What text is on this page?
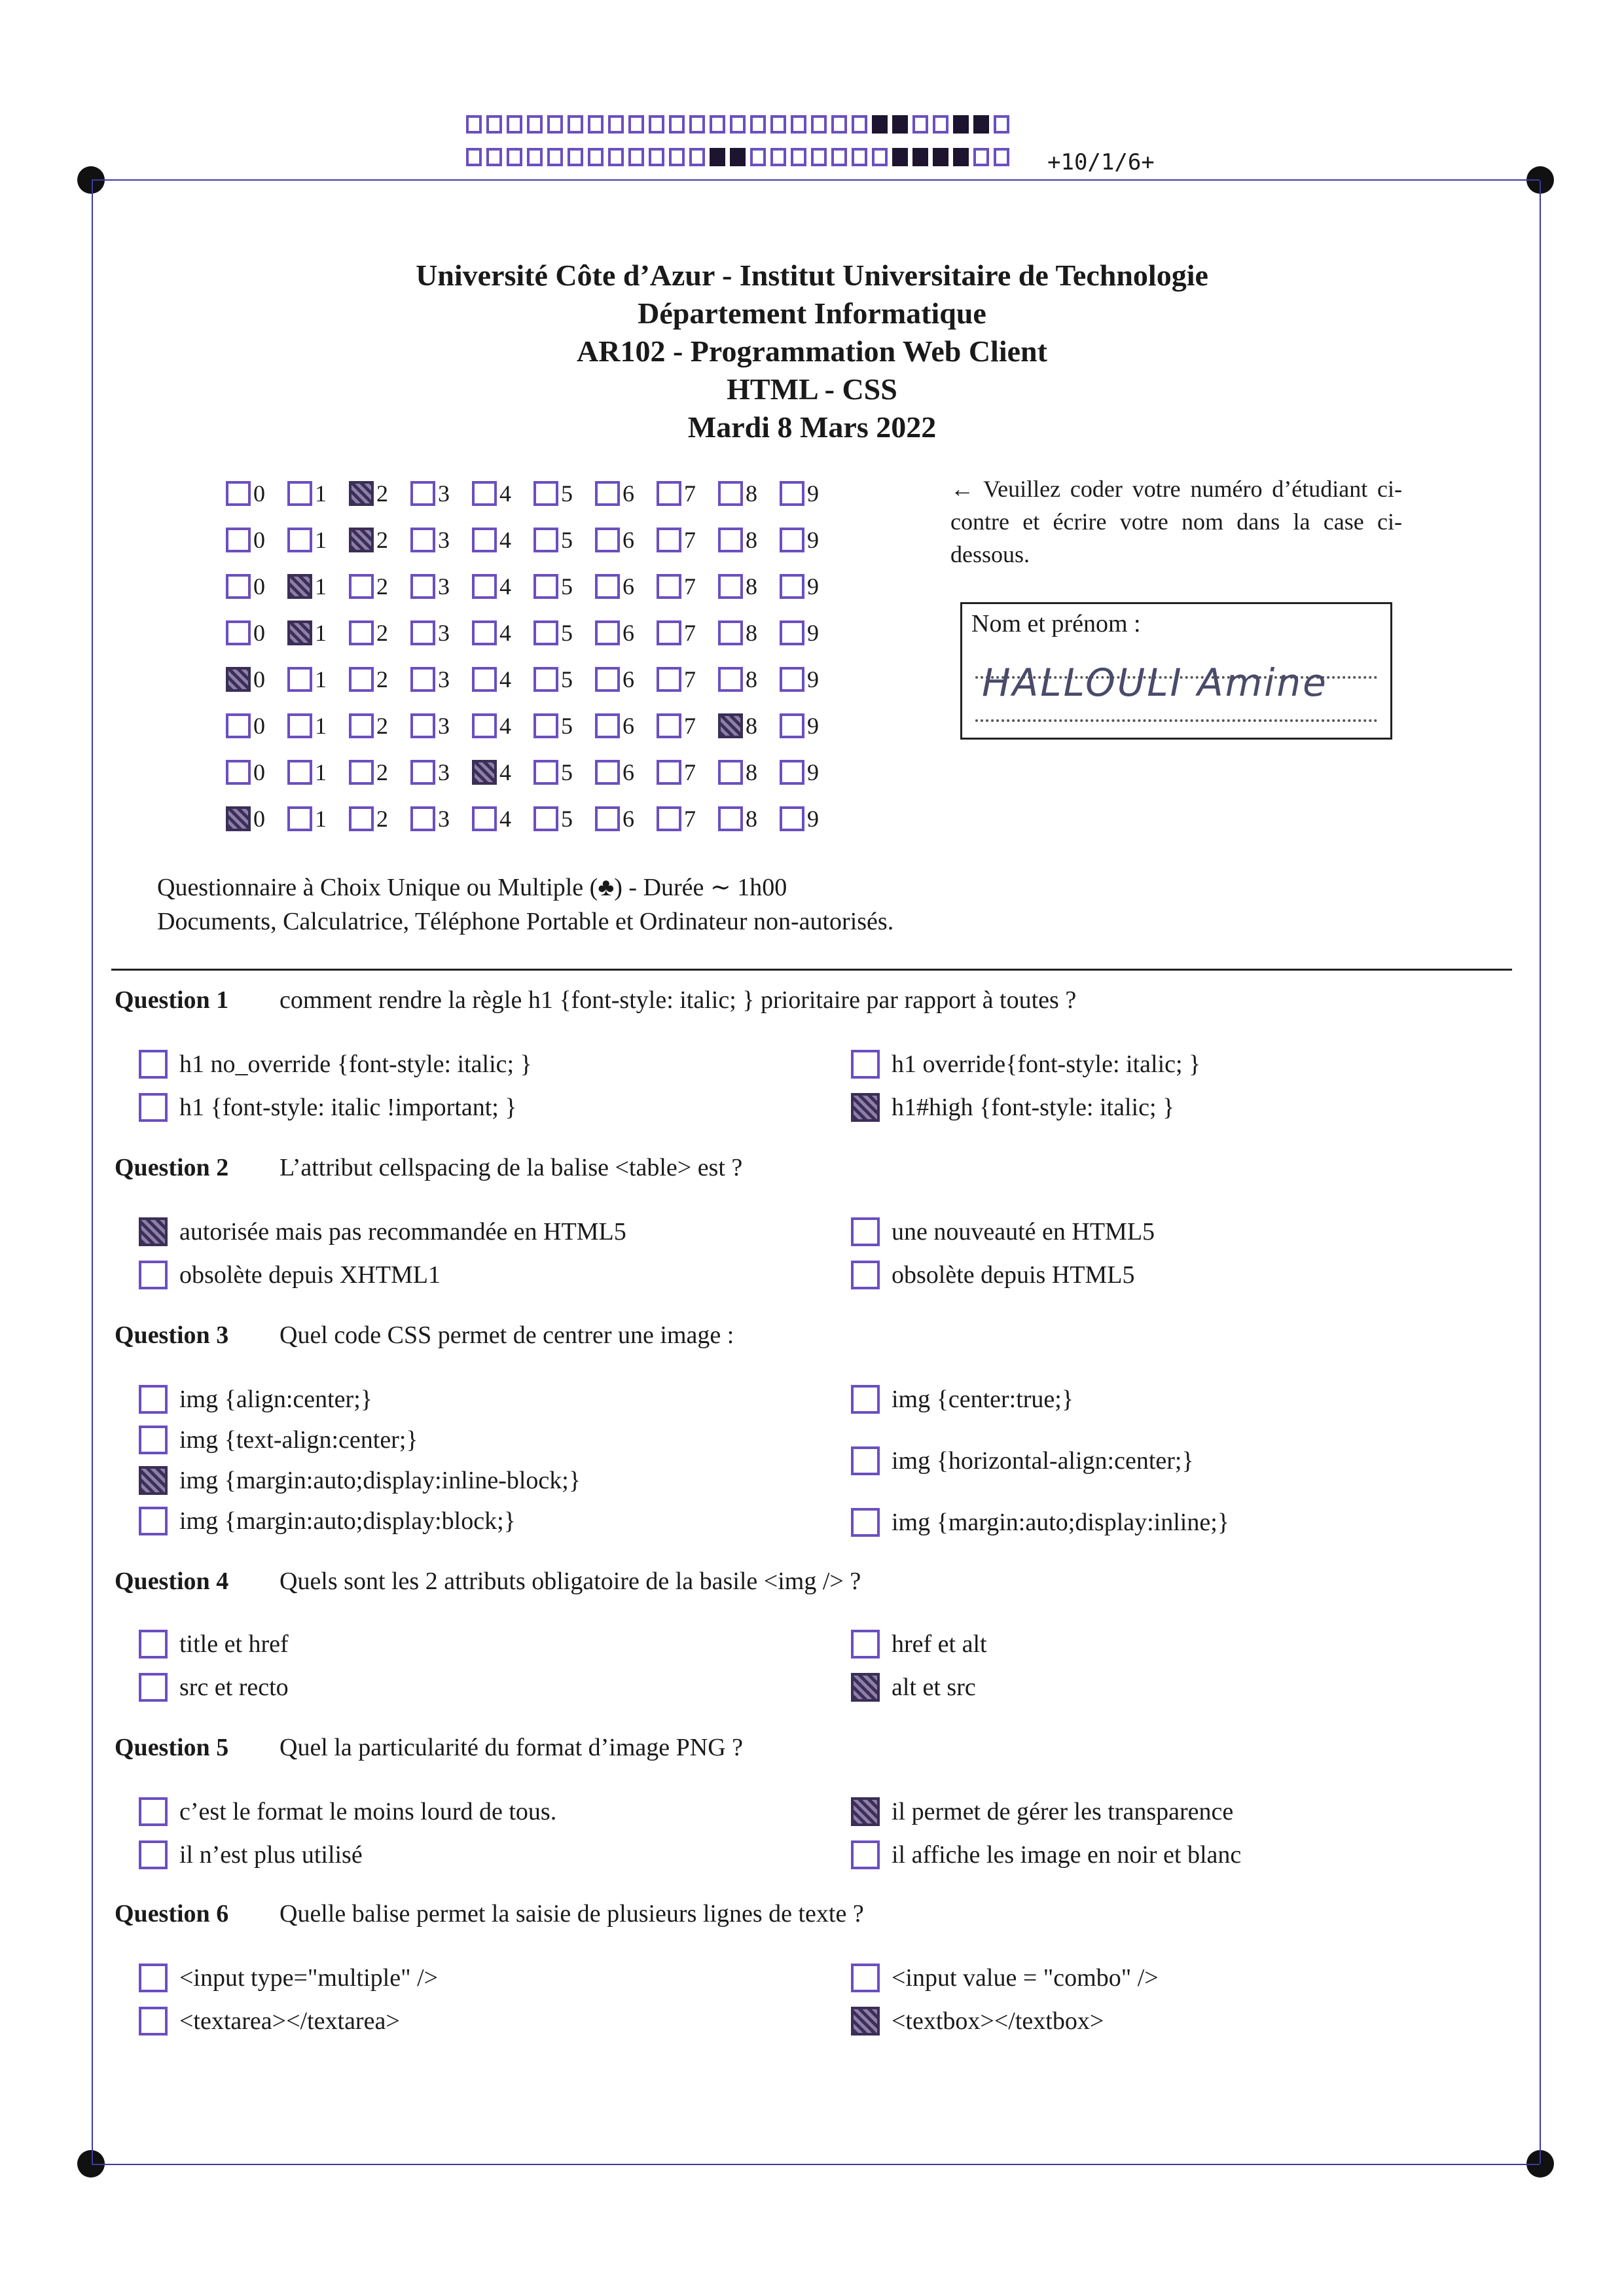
+10/1/6+
Université Côte d’Azur - Institut Universitaire de Technologie
Département Informatique
AR102 - Programmation Web Client
HTML - CSS
Mardi 8 Mars 2022
0 1 2 3 4 5 6 7 8 9
0 1 2 3 4 5 6 7 8 9
0 1 2 3 4 5 6 7 8 9
0 1 2 3 4 5 6 7 8 9
0 1 2 3 4 5 6 7 8 9
0 1 2 3 4 5 6 7 8 9
0 1 2 3 4 5 6 7 8 9
0 1 2 3 4 5 6 7 8 9
← Veuillez coder votre numéro d’étudiant ci-contre et écrire votre nom dans la case ci-dessous.
Nom et prénom :
HALLOULI Amine
Questionnaire à Choix Unique ou Multiple (♣) - Durée ∼ 1h00
Documents, Calculatrice, Téléphone Portable et Ordinateur non-autorisés.
Question 1 comment rendre la règle h1 {font-style: italic; } prioritaire par rapport à toutes ?
h1 no_override {font-style: italic; }
h1 {font-style: italic !important; }
h1 override{font-style: italic; }
h1#high {font-style: italic; }
Question 2 L’attribut cellspacing de la balise <table> est ?
autorisée mais pas recommandée en HTML5
obsolète depuis XHTML1
une nouveauté en HTML5
obsolète depuis HTML5
Question 3 Quel code CSS permet de centrer une image :
img {align:center;}
img {text-align:center;}
img {margin:auto;display:inline-block;}
img {margin:auto;display:block;}
img {center:true;}
img {horizontal-align:center;}
img {margin:auto;display:inline;}
Question 4 Quels sont les 2 attributs obligatoire de la basile <img /> ?
title et href
src et recto
href et alt
alt et src
Question 5 Quel la particularité du format d’image PNG ?
c’est le format le moins lourd de tous.
il n’est plus utilisé
il permet de gérer les transparence
il affiche les image en noir et blanc
Question 6 Quelle balise permet la saisie de plusieurs lignes de texte ?
<input type="multiple" />
<textarea></textarea>
<input value = "combo" />
<textbox></textbox>
